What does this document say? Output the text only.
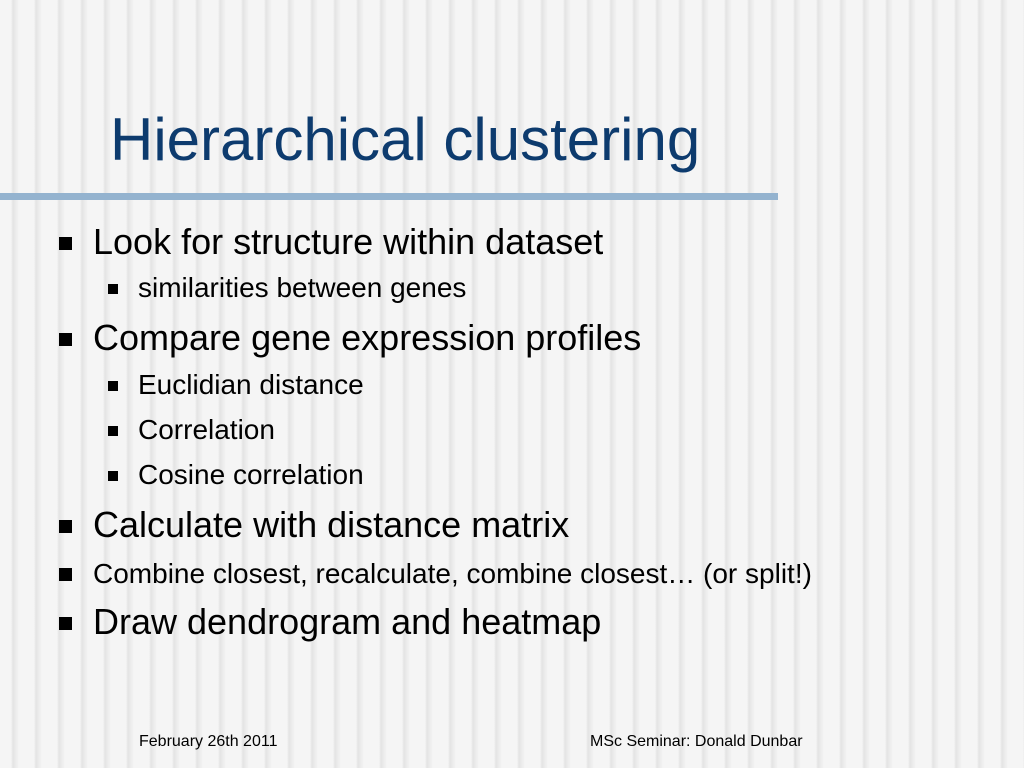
Hierarchical clustering
Look for structure within dataset
similarities between genes
Compare gene expression profiles
Euclidian distance
Correlation
Cosine correlation
Calculate with distance matrix
Combine closest, recalculate, combine closest… (or split!)
Draw dendrogram and heatmap
February 26th 2011	MSc Seminar: Donald Dunbar
